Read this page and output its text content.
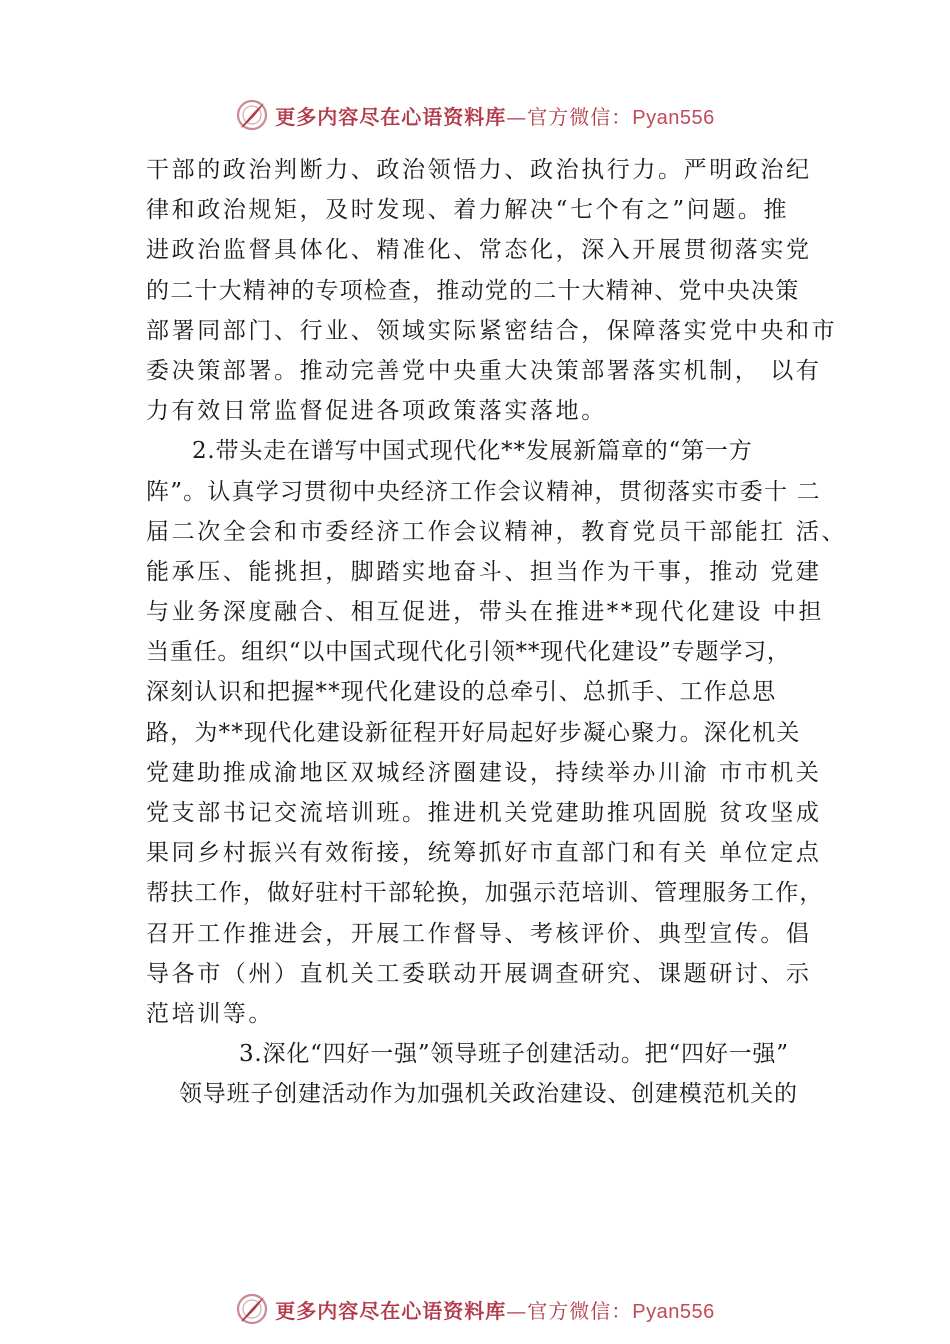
更多内容尽在心语资料库—官方微信：Pyan556
干部的政治判断力、政治领悟力、政治执行力。严明政治纪
律和政治规矩，及时发现、着力解决“七个有之”问题。推
进政治监督具体化、精准化、常态化，深入开展贯彻落实党
的二十大精神的专项检查，推动党的二十大精神、党中央决策
部署同部门、行业、领域实际紧密结合，保障落实党中央和市
委决策部署。推动完善党中央重大决策部署落实机制， 以有
力有效日常监督促进各项政策落实落地。
2.带头走在谱写中国式现代化**发展新篇章的“第一方
阵”。认真学习贯彻中央经济工作会议精神，贯彻落实市委十 二
届二次全会和市委经济工作会议精神，教育党员干部能扛 活、
能承压、能挑担，脚踏实地奋斗、担当作为干事，推动 党建
与业务深度融合、相互促进，带头在推进**现代化建设 中担
当重任。组织“以中国式现代化引领**现代化建设”专题学习，
深刻认识和把握**现代化建设的总牵引、总抓手、工作总思
路，为**现代化建设新征程开好局起好步凝心聚力。深化机关
党建助推成渝地区双城经济圈建设，持续举办川渝 市市机关
党支部书记交流培训班。推进机关党建助推巩固脱 贫攻坚成
果同乡村振兴有效衔接，统筹抓好市直部门和有关 单位定点
帮扶工作，做好驻村干部轮换，加强示范培训、管理服务工作，
召开工作推进会，开展工作督导、考核评价、典型宣传。倡
导各市（州）直机关工委联动开展调查研究、课题研讨、示
范培训等。
3.深化“四好一强”领导班子创建活动。把“四好一强”
领导班子创建活动作为加强机关政治建设、创建模范机关的
更多内容尽在心语资料库—官方微信：Pyan556
